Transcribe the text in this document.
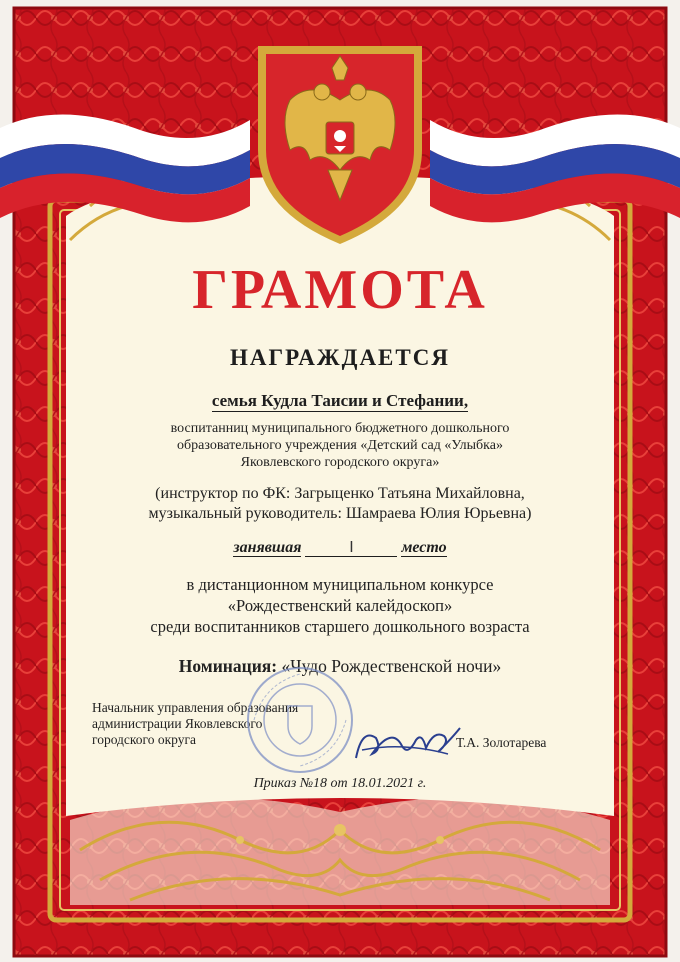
ГРАМОТА
НАГРАЖДАЕТСЯ
семья Кудла Таисии и Стефании,
воспитанниц муниципального бюджетного дошкольного
образовательного учреждения «Детский сад «Улыбка»
Яковлевского городского округа»
(инструктор по ФК: Загрыценко Татьяна Михайловна,
музыкальный руководитель: Шамраева Юлия Юрьевна)
занявшая	I	место
в дистанционном муниципальном конкурсе
«Рождественский калейдоскоп»
среди воспитанников старшего дошкольного возраста
Номинация: «Чудо Рождественской ночи»
Начальник управления образования
администрации Яковлевского
городского округа	Т.А. Золотарева
Приказ №18 от 18.01.2021 г.
